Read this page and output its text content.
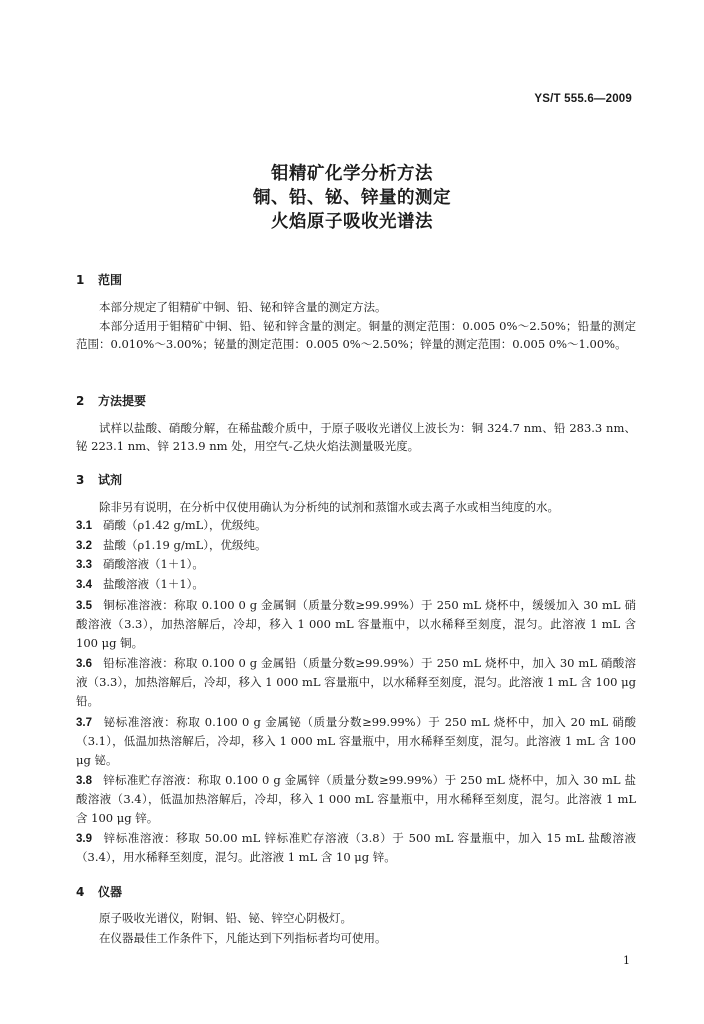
YS/T 555.6—2009
钼精矿化学分析方法
铜、铅、铋、锌量的测定
火焰原子吸收光谱法
1 范围
本部分规定了钼精矿中铜、铅、铋和锌含量的测定方法。
本部分适用于钼精矿中铜、铅、铋和锌含量的测定。铜量的测定范围：0.005 0%～2.50%；铅量的测定范围：0.010%～3.00%；铋量的测定范围：0.005 0%～2.50%；锌量的测定范围：0.005 0%～1.00%。
2 方法提要
试样以盐酸、硝酸分解，在稀盐酸介质中，于原子吸收光谱仪上波长为：铜 324.7 nm、铅 283.3 nm、铋 223.1 nm、锌 213.9 nm 处，用空气-乙炔火焰法测量吸光度。
3 试剂
除非另有说明，在分析中仅使用确认为分析纯的试剂和蒸馏水或去离子水或相当纯度的水。
3.1 硝酸（ρ1.42 g/mL），优级纯。
3.2 盐酸（ρ1.19 g/mL），优级纯。
3.3 硝酸溶液（1＋1）。
3.4 盐酸溶液（1＋1）。
3.5 铜标准溶液：称取 0.100 0 g 金属铜（质量分数≥99.99%）于 250 mL 烧杯中，缓缓加入 30 mL 硝酸溶液（3.3），加热溶解后，冷却，移入 1 000 mL 容量瓶中，以水稀释至刻度，混匀。此溶液 1 mL 含 100 μg 铜。
3.6 铅标准溶液：称取 0.100 0 g 金属铅（质量分数≥99.99%）于 250 mL 烧杯中，加入 30 mL 硝酸溶液（3.3），加热溶解后，冷却，移入 1 000 mL 容量瓶中，以水稀释至刻度，混匀。此溶液 1 mL 含 100 μg 铅。
3.7 铋标准溶液：称取 0.100 0 g 金属铋（质量分数≥99.99%）于 250 mL 烧杯中，加入 20 mL 硝酸（3.1），低温加热溶解后，冷却，移入 1 000 mL 容量瓶中，用水稀释至刻度，混匀。此溶液 1 mL 含 100 μg 铋。
3.8 锌标准贮存溶液：称取 0.100 0 g 金属锌（质量分数≥99.99%）于 250 mL 烧杯中，加入 30 mL 盐酸溶液（3.4），低温加热溶解后，冷却，移入 1 000 mL 容量瓶中，用水稀释至刻度，混匀。此溶液 1 mL 含 100 μg 锌。
3.9 锌标准溶液：移取 50.00 mL 锌标准贮存溶液（3.8）于 500 mL 容量瓶中，加入 15 mL 盐酸溶液（3.4），用水稀释至刻度，混匀。此溶液 1 mL 含 10 μg 锌。
4 仪器
原子吸收光谱仪，附铜、铅、铋、锌空心阴极灯。
在仪器最佳工作条件下，凡能达到下列指标者均可使用。
1
